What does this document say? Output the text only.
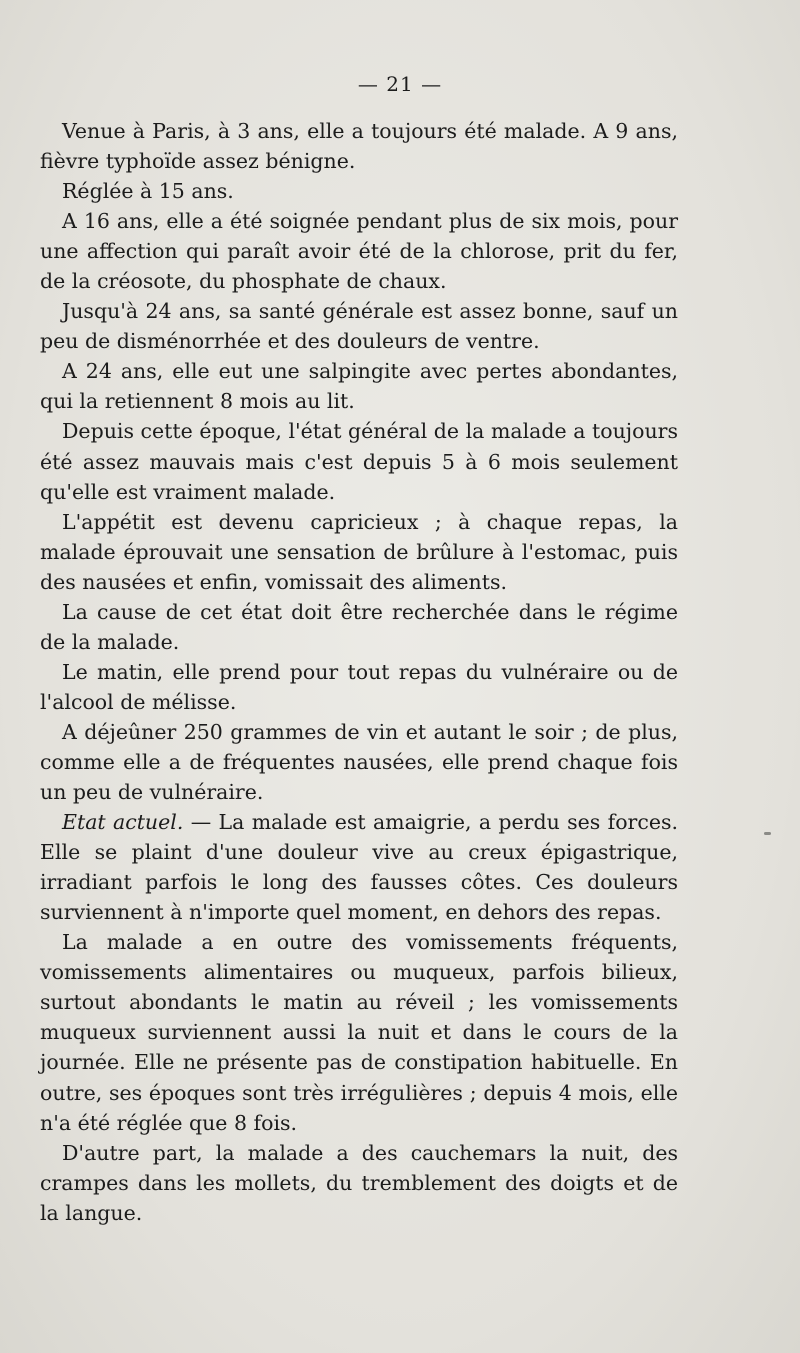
— 21 —

Venue à Paris, à 3 ans, elle a toujours été malade. A 9 ans, fièvre typhoïde assez bénigne.

Réglée à 15 ans.

A 16 ans, elle a été soignée pendant plus de six mois, pour une affection qui paraît avoir été de la chlorose, prit du fer, de la créosote, du phosphate de chaux.

Jusqu'à 24 ans, sa santé générale est assez bonne, sauf un peu de disménorrhée et des douleurs de ventre.

A 24 ans, elle eut une salpingite avec pertes abondantes, qui la retiennent 8 mois au lit.

Depuis cette époque, l'état général de la malade a toujours été assez mauvais mais c'est depuis 5 à 6 mois seulement qu'elle est vraiment malade.

L'appétit est devenu capricieux ; à chaque repas, la malade éprouvait une sensation de brûlure à l'estomac, puis des nausées et enfin, vomissait des aliments.

La cause de cet état doit être recherchée dans le régime de la malade.

Le matin, elle prend pour tout repas du vulnéraire ou de l'alcool de mélisse.

A déjeûner 250 grammes de vin et autant le soir ; de plus, comme elle a de fréquentes nausées, elle prend chaque fois un peu de vulnéraire.

Etat actuel. — La malade est amaigrie, a perdu ses forces. Elle se plaint d'une douleur vive au creux épigastrique, irradiant parfois le long des fausses côtes. Ces douleurs surviennent à n'importe quel moment, en dehors des repas.

La malade a en outre des vomissements fréquents, vomissements alimentaires ou muqueux, parfois bilieux, surtout abondants le matin au réveil ; les vomissements muqueux surviennent aussi la nuit et dans le cours de la journée. Elle ne présente pas de constipation habituelle. En outre, ses époques sont très irrégulières ; depuis 4 mois, elle n'a été réglée que 8 fois.

D'autre part, la malade a des cauchemars la nuit, des crampes dans les mollets, du tremblement des doigts et de la langue.
